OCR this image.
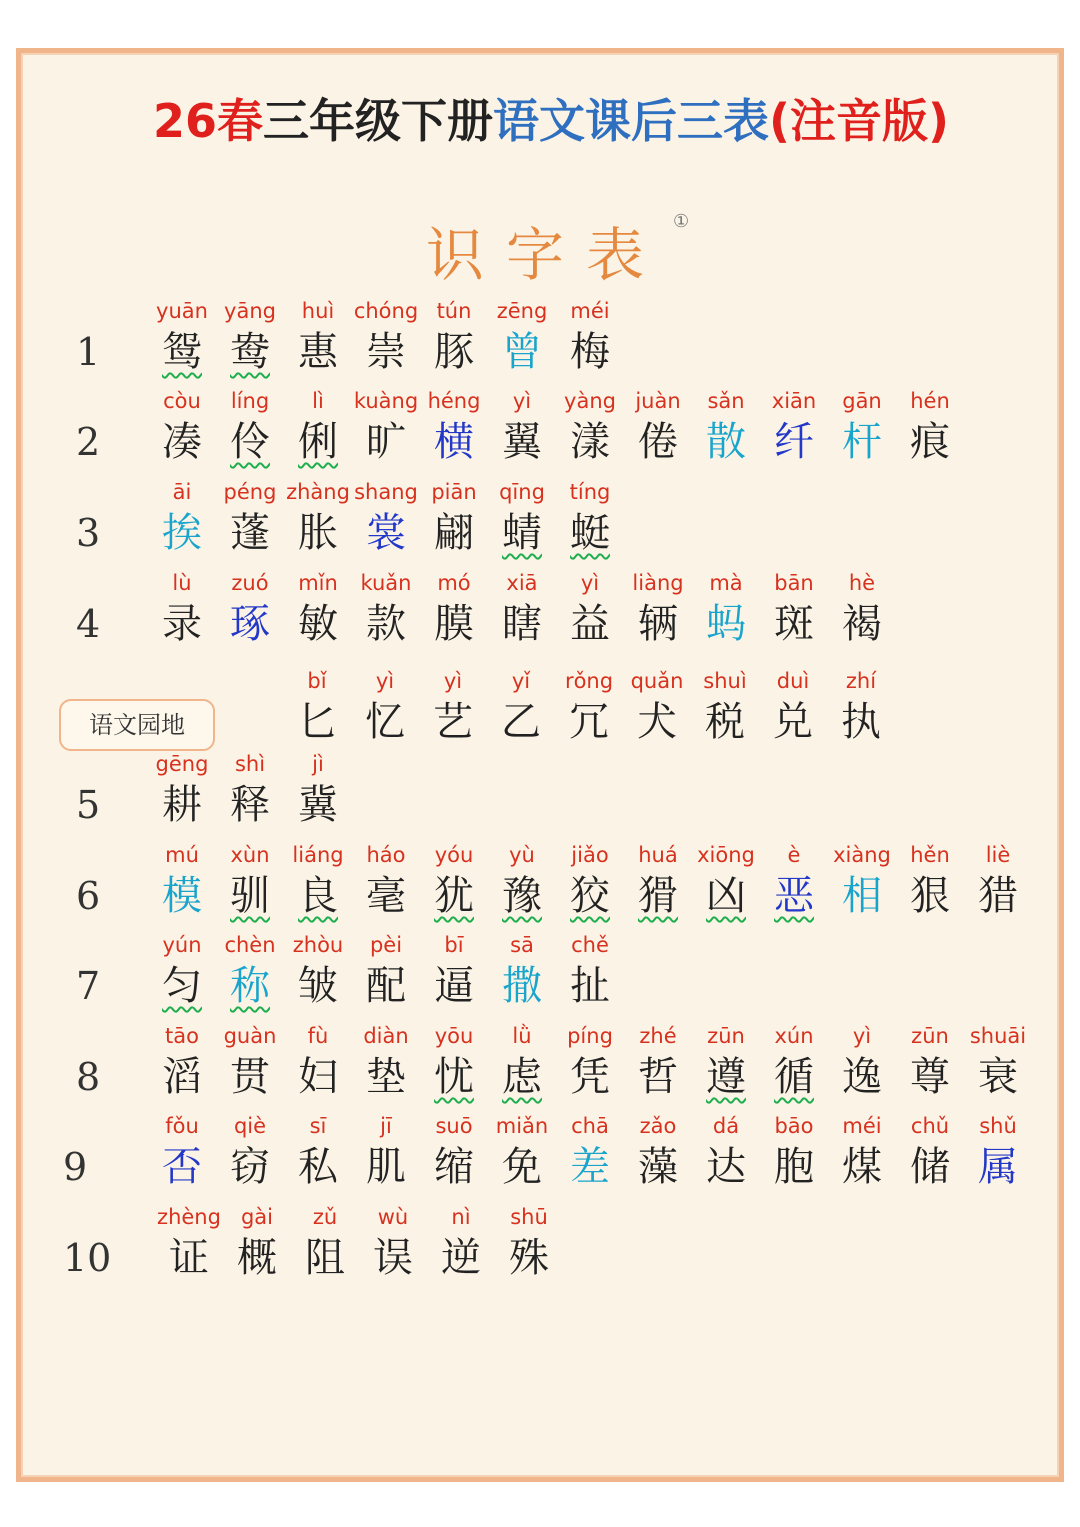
26春三年级下册语文课后三表(注音版)
识字表 ①
1
yuān
鸳
yāng
鸯
huì
惠
chóng
崇
tún
豚
zēng
曾
méi
梅
2
còu
凑
líng
伶
lì
俐
kuàng
旷
héng
横
yì
翼
yàng
漾
juàn
倦
sǎn
散
xiān
纤
gān
杆
hén
痕
3
āi
挨
péng
蓬
zhàng
胀
shang
裳
piān
翩
qīng
蜻
tíng
蜓
4
lù
录
zuó
琢
mǐn
敏
kuǎn
款
mó
膜
xiā
瞎
yì
益
liàng
辆
mà
蚂
bān
斑
hè
褐
语文园地
bǐ
匕
yì
忆
yì
艺
yǐ
乙
rǒng
冗
quǎn
犬
shuì
税
duì
兑
zhí
执
5
gēng
耕
shì
释
jì
冀
6
mú
模
xùn
驯
liáng
良
háo
毫
yóu
犹
yù
豫
jiǎo
狡
huá
猾
xiōng
凶
è
恶
xiàng
相
hěn
狠
liè
猎
7
yún
匀
chèn
称
zhòu
皱
pèi
配
bī
逼
sā
撒
chě
扯
8
tāo
滔
guàn
贯
fù
妇
diàn
垫
yōu
忧
lǜ
虑
píng
凭
zhé
哲
zūn
遵
xún
循
yì
逸
zūn
尊
shuāi
衰
9
fǒu
否
qiè
窃
sī
私
jī
肌
suō
缩
miǎn
免
chā
差
zǎo
藻
dá
达
bāo
胞
méi
煤
chǔ
储
shǔ
属
10
zhèng
证
gài
概
zǔ
阻
wù
误
nì
逆
shū
殊
